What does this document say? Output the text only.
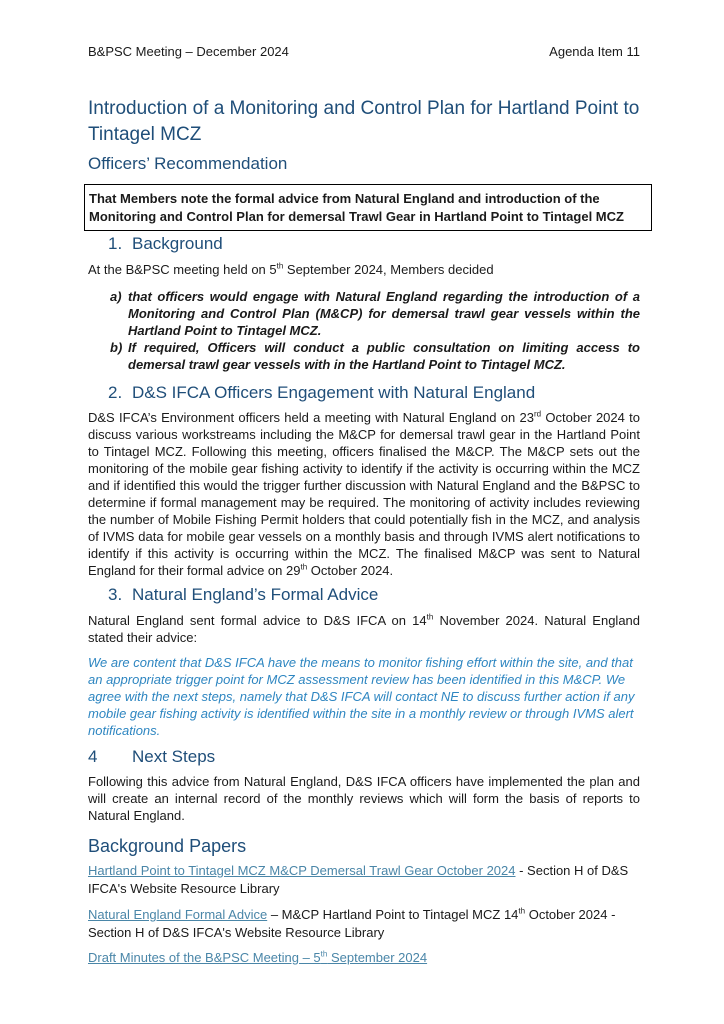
B&PSC Meeting – December 2024	Agenda Item 11
Introduction of a Monitoring and Control Plan for Hartland Point to Tintagel MCZ
Officers’ Recommendation
That Members note the formal advice from Natural England and introduction of the Monitoring and Control Plan for demersal Trawl Gear in Hartland Point to Tintagel MCZ
1. Background

At the B&PSC meeting held on 5th September 2024, Members decided

a) that officers would engage with Natural England regarding the introduction of a Monitoring and Control Plan (M&CP) for demersal trawl gear vessels within the Hartland Point to Tintagel MCZ.
b) If required, Officers will conduct a public consultation on limiting access to demersal trawl gear vessels with in the Hartland Point to Tintagel MCZ.
2. D&S IFCA Officers Engagement with Natural England

D&S IFCA’s Environment officers held a meeting with Natural England on 23rd October 2024 to discuss various workstreams including the M&CP for demersal trawl gear in the Hartland Point to Tintagel MCZ. Following this meeting, officers finalised the M&CP. The M&CP sets out the monitoring of the mobile gear fishing activity to identify if the activity is occurring within the MCZ and if identified this would the trigger further discussion with Natural England and the B&PSC to determine if formal management may be required. The monitoring of activity includes reviewing the number of Mobile Fishing Permit holders that could potentially fish in the MCZ, and analysis of IVMS data for mobile gear vessels on a monthly basis and through IVMS alert notifications to identify if this activity is occurring within the MCZ. The finalised M&CP was sent to Natural England for their formal advice on 29th October 2024.

3. Natural England’s Formal Advice

Natural England sent formal advice to D&S IFCA on 14th November 2024. Natural England stated their advice:

We are content that D&S IFCA have the means to monitor fishing effort within the site, and that an appropriate trigger point for MCZ assessment review has been identified in this M&CP. We agree with the next steps, namely that D&S IFCA will contact NE to discuss further action if any mobile gear fishing activity is identified within the site in a monthly review or through IVMS alert notifications.

4 Next Steps

Following this advice from Natural England, D&S IFCA officers have implemented the plan and will create an internal record of the monthly reviews which will form the basis of reports to Natural England.

Background Papers

Hartland Point to Tintagel MCZ M&CP Demersal Trawl Gear October 2024 - Section H of D&S IFCA's Website Resource Library

Natural England Formal Advice – M&CP Hartland Point to Tintagel MCZ 14th October 2024 - Section H of D&S IFCA's Website Resource Library

Draft Minutes of the B&PSC Meeting – 5th September 2024
